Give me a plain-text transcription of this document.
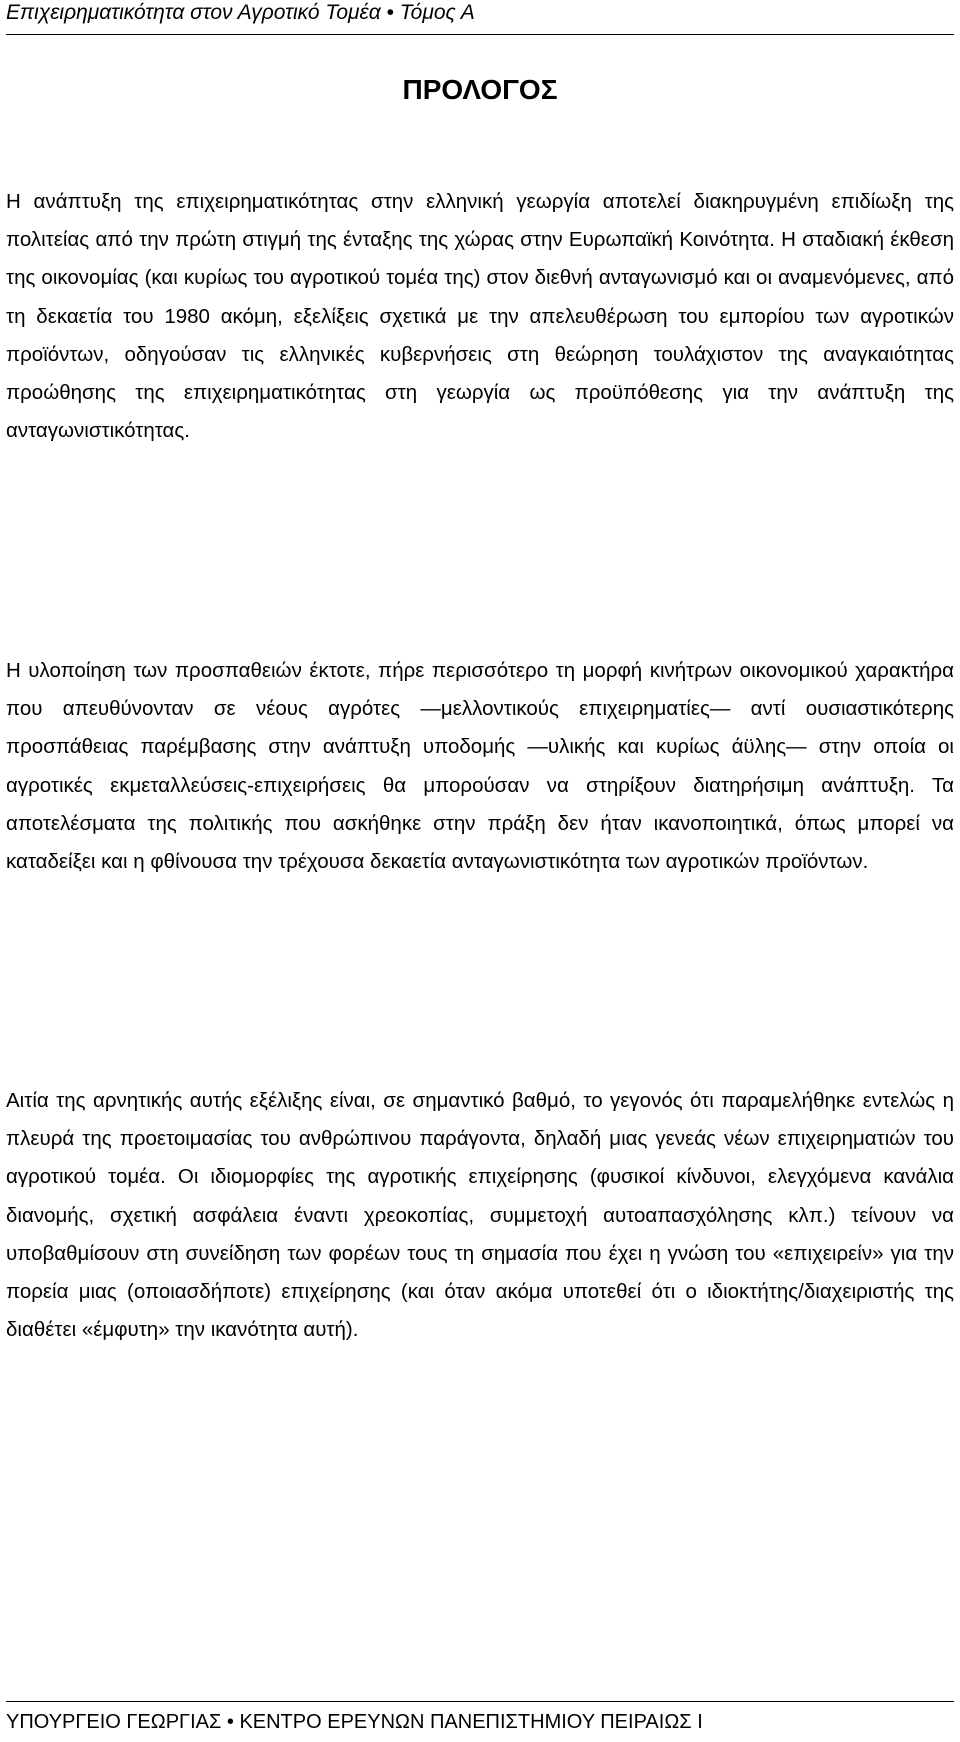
Επιχειρηματικότητα στον Αγροτικό Τομέα • Τόμος Α
ΠΡΟΛΟΓΟΣ

Η ανάπτυξη της επιχειρηματικότητας στην ελληνική γεωργία αποτελεί διακηρυγμένη επιδίωξη της πολιτείας από την πρώτη στιγμή της ένταξης της χώρας στην Ευρωπαϊκή Κοινότητα. Η σταδιακή έκθεση της οικονομίας (και κυρίως του αγροτικού τομέα της) στον διεθνή ανταγωνισμό και οι αναμενόμενες, από τη δεκαετία του 1980 ακόμη, εξελίξεις σχετικά με την απελευθέρωση του εμπορίου των αγροτικών προϊόντων, οδηγούσαν τις ελληνικές κυβερνήσεις στη θεώρηση τουλάχιστον της αναγκαιότητας προώθησης της επιχειρηματικότητας στη γεωργία ως προϋπόθεσης για την ανάπτυξη της ανταγωνιστικότητας.

Η υλοποίηση των προσπαθειών έκτοτε, πήρε περισσότερο τη μορφή κινήτρων οικονομικού χαρακτήρα που απευθύνονταν σε νέους αγρότες —μελλοντικούς επιχειρηματίες— αντί ουσιαστικότερης προσπάθειας παρέμβασης στην ανάπτυξη υποδομής —υλικής και κυρίως άϋλης— στην οποία οι αγροτικές εκμεταλλεύσεις-επιχειρήσεις θα μπορούσαν να στηρίξουν διατηρήσιμη ανάπτυξη. Τα αποτελέσματα της πολιτικής που ασκήθηκε στην πράξη δεν ήταν ικανοποιητικά, όπως μπορεί να καταδείξει και η φθίνουσα την τρέχουσα δεκαετία ανταγωνιστικότητα των αγροτικών προϊόντων.

Αιτία της αρνητικής αυτής εξέλιξης είναι, σε σημαντικό βαθμό, το γεγονός ότι παραμελήθηκε εντελώς η πλευρά της προετοιμασίας του ανθρώπινου παράγοντα, δηλαδή μιας γενεάς νέων επιχειρηματιών του αγροτικού τομέα. Οι ιδιομορφίες της αγροτικής επιχείρησης (φυσικοί κίνδυνοι, ελεγχόμενα κανάλια διανομής, σχετική ασφάλεια έναντι χρεοκοπίας, συμμετοχή αυτοαπασχόλησης κλπ.) τείνουν να υποβαθμίσουν στη συνείδηση των φορέων τους τη σημασία που έχει η γνώση του «επιχειρείν» για την πορεία μιας (οποιασδήποτε) επιχείρησης (και όταν ακόμα υποτεθεί ότι ο ιδιοκτήτης/διαχειριστής της διαθέτει «έμφυτη» την ικανότητα αυτή).

ΥΠΟΥΡΓΕΙΟ ΓΕΩΡΓΙΑΣ • ΚΕΝΤΡΟ ΕΡΕΥΝΩΝ ΠΑΝΕΠΙΣΤΗΜΙΟΥ ΠΕΙΡΑΙΩΣ I
